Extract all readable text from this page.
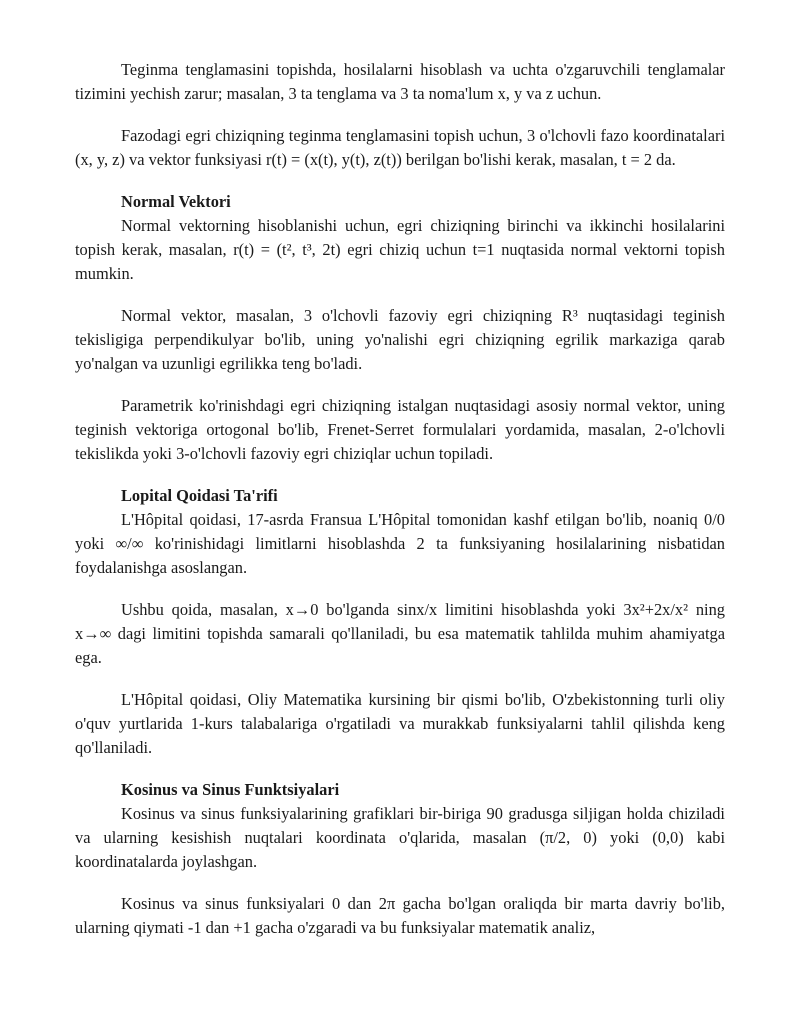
Teginma tenglamasini topishda, hosilalarni hisoblash va uchta o'zgaruvchili tenglamalar tizimini yechish zarur; masalan, 3 ta tenglama va 3 ta noma'lum x, y va z uchun.

Fazodagi egri chiziqning teginma tenglamasini topish uchun, 3 o'lchovli fazo koordinatalari (x, y, z) va vektor funksiyasi r(t) = (x(t), y(t), z(t)) berilgan bo'lishi kerak, masalan, t = 2 da.

Normal Vektori

Normal vektorning hisoblanishi uchun, egri chiziqning birinchi va ikkinchi hosilalarini topish kerak, masalan, r(t) = (t², t³, 2t) egri chiziq uchun t=1 nuqtasida normal vektorni topish mumkin.

Normal vektor, masalan, 3 o'lchovli fazoviy egri chiziqning R³ nuqtasidagi teginish tekisligiga perpendikulyar bo'lib, uning yo'nalishi egri chiziqning egrilik markaziga qarab yo'nalgan va uzunligi egrilikka teng bo'ladi.

Parametrik ko'rinishdagi egri chiziqning istalgan nuqtasidagi asosiy normal vektor, uning teginish vektoriga ortogonal bo'lib, Frenet-Serret formulalari yordamida, masalan, 2-o'lchovli tekislikda yoki 3-o'lchovli fazoviy egri chiziqlar uchun topiladi.

Lopital Qoidasi Ta'rifi

L'Hôpital qoidasi, 17-asrda Fransua L'Hôpital tomonidan kashf etilgan bo'lib, noaniq 0/0 yoki ∞/∞ ko'rinishidagi limitlarni hisoblashda 2 ta funksiyaning hosilalarining nisbatidan foydalanishga asoslangan.

Ushbu qoida, masalan, x→0 bo'lganda sinx/x limitini hisoblashda yoki 3x²+2x/x² ning x→∞ dagi limitini topishda samarali qo'llaniladi, bu esa matematik tahlilda muhim ahamiyatga ega.

L'Hôpital qoidasi, Oliy Matematika kursining bir qismi bo'lib, O'zbekistonning turli oliy o'quv yurtlarida 1-kurs talabalariga o'rgatiladi va murakkab funksiyalarni tahlil qilishda keng qo'llaniladi.

Kosinus va Sinus Funktsiyalari

Kosinus va sinus funksiyalarining grafiklari bir-biriga 90 gradusga siljigan holda chiziladi va ularning kesishish nuqtalari koordinata o'qlarida, masalan (π/2, 0) yoki (0,0) kabi koordinatalarda joylashgan.

Kosinus va sinus funksiyalari 0 dan 2π gacha bo'lgan oraliqda bir marta davriy bo'lib, ularning qiymati -1 dan +1 gacha o'zgaradi va bu funksiyalar matematik analiz,
